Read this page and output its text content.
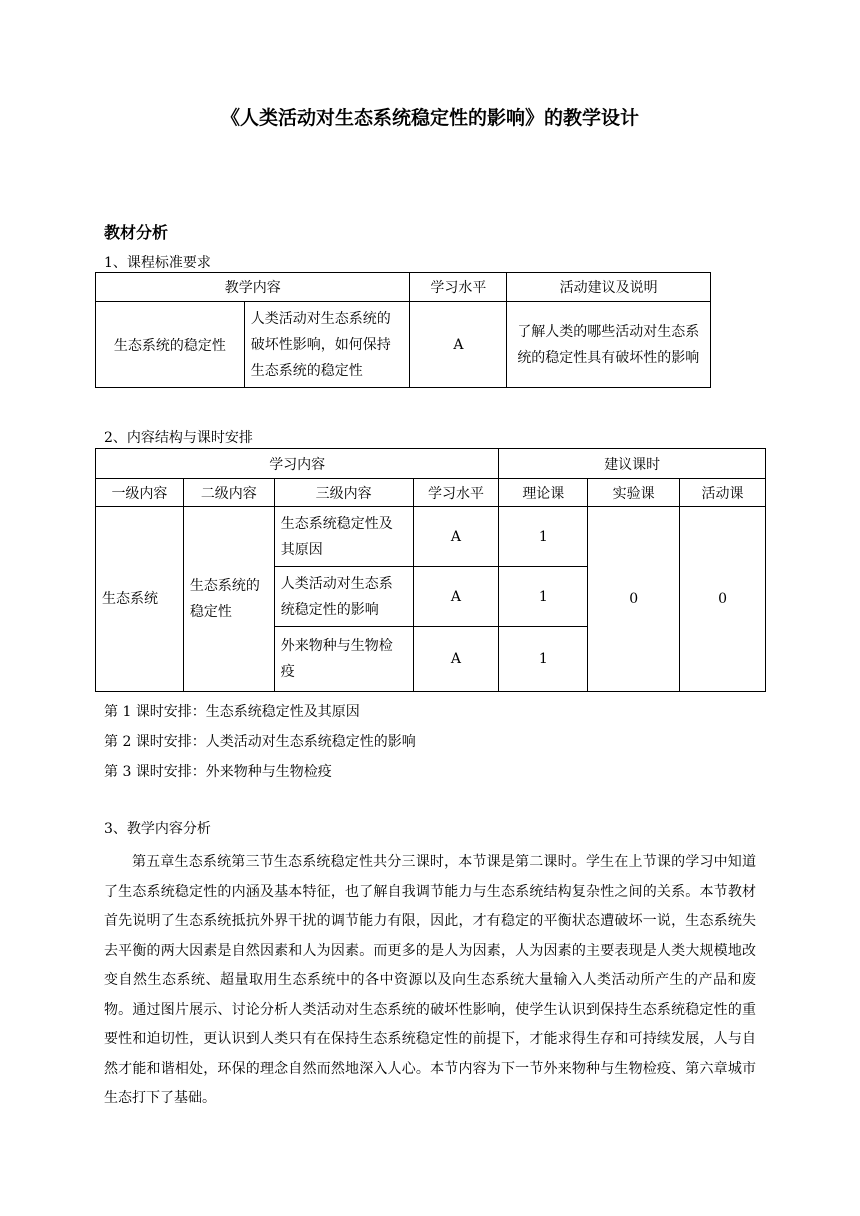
《人类活动对生态系统稳定性的影响》的教学设计
教材分析
1、课程标准要求
教学内容		学习水平	活动建议及说明
生态系统的稳定性	人类活动对生态系统的破坏性影响，如何保持生态系统的稳定性	A	了解人类的哪些活动对生态系统的稳定性具有破坏性的影响
2、内容结构与课时安排
学习内容				建议课时		
一级内容	二级内容	三级内容	学习水平	理论课	实验课	活动课

生态系统	生态系统的稳定性	生态系统稳定性及其原因	A	1	0	0

		人类活动对生态系统稳定性的影响	A	1		

		外来物种与生物检疫	A	1		
第 1 课时安排：生态系统稳定性及其原因
第 2 课时安排：人类活动对生态系统稳定性的影响
第 3 课时安排：外来物种与生物检疫
3、教学内容分析
第五章生态系统第三节生态系统稳定性共分三课时，本节课是第二课时。学生在上节课的学习中知道了生态系统稳定性的内涵及基本特征，也了解自我调节能力与生态系统结构复杂性之间的关系。本节教材首先说明了生态系统抵抗外界干扰的调节能力有限，因此，才有稳定的平衡状态遭破坏一说，生态系统失去平衡的两大因素是自然因素和人为因素。而更多的是人为因素，人为因素的主要表现是人类大规模地改变自然生态系统、超量取用生态系统中的各中资源以及向生态系统大量输入人类活动所产生的产品和废物。通过图片展示、讨论分析人类活动对生态系统的破坏性影响，使学生认识到保持生态系统稳定性的重要性和迫切性，更认识到人类只有在保持生态系统稳定性的前提下，才能求得生存和可持续发展，人与自然才能和谐相处，环保的理念自然而然地深入人心。本节内容为下一节外来物种与生物检疫、第六章城市生态打下了基础。
